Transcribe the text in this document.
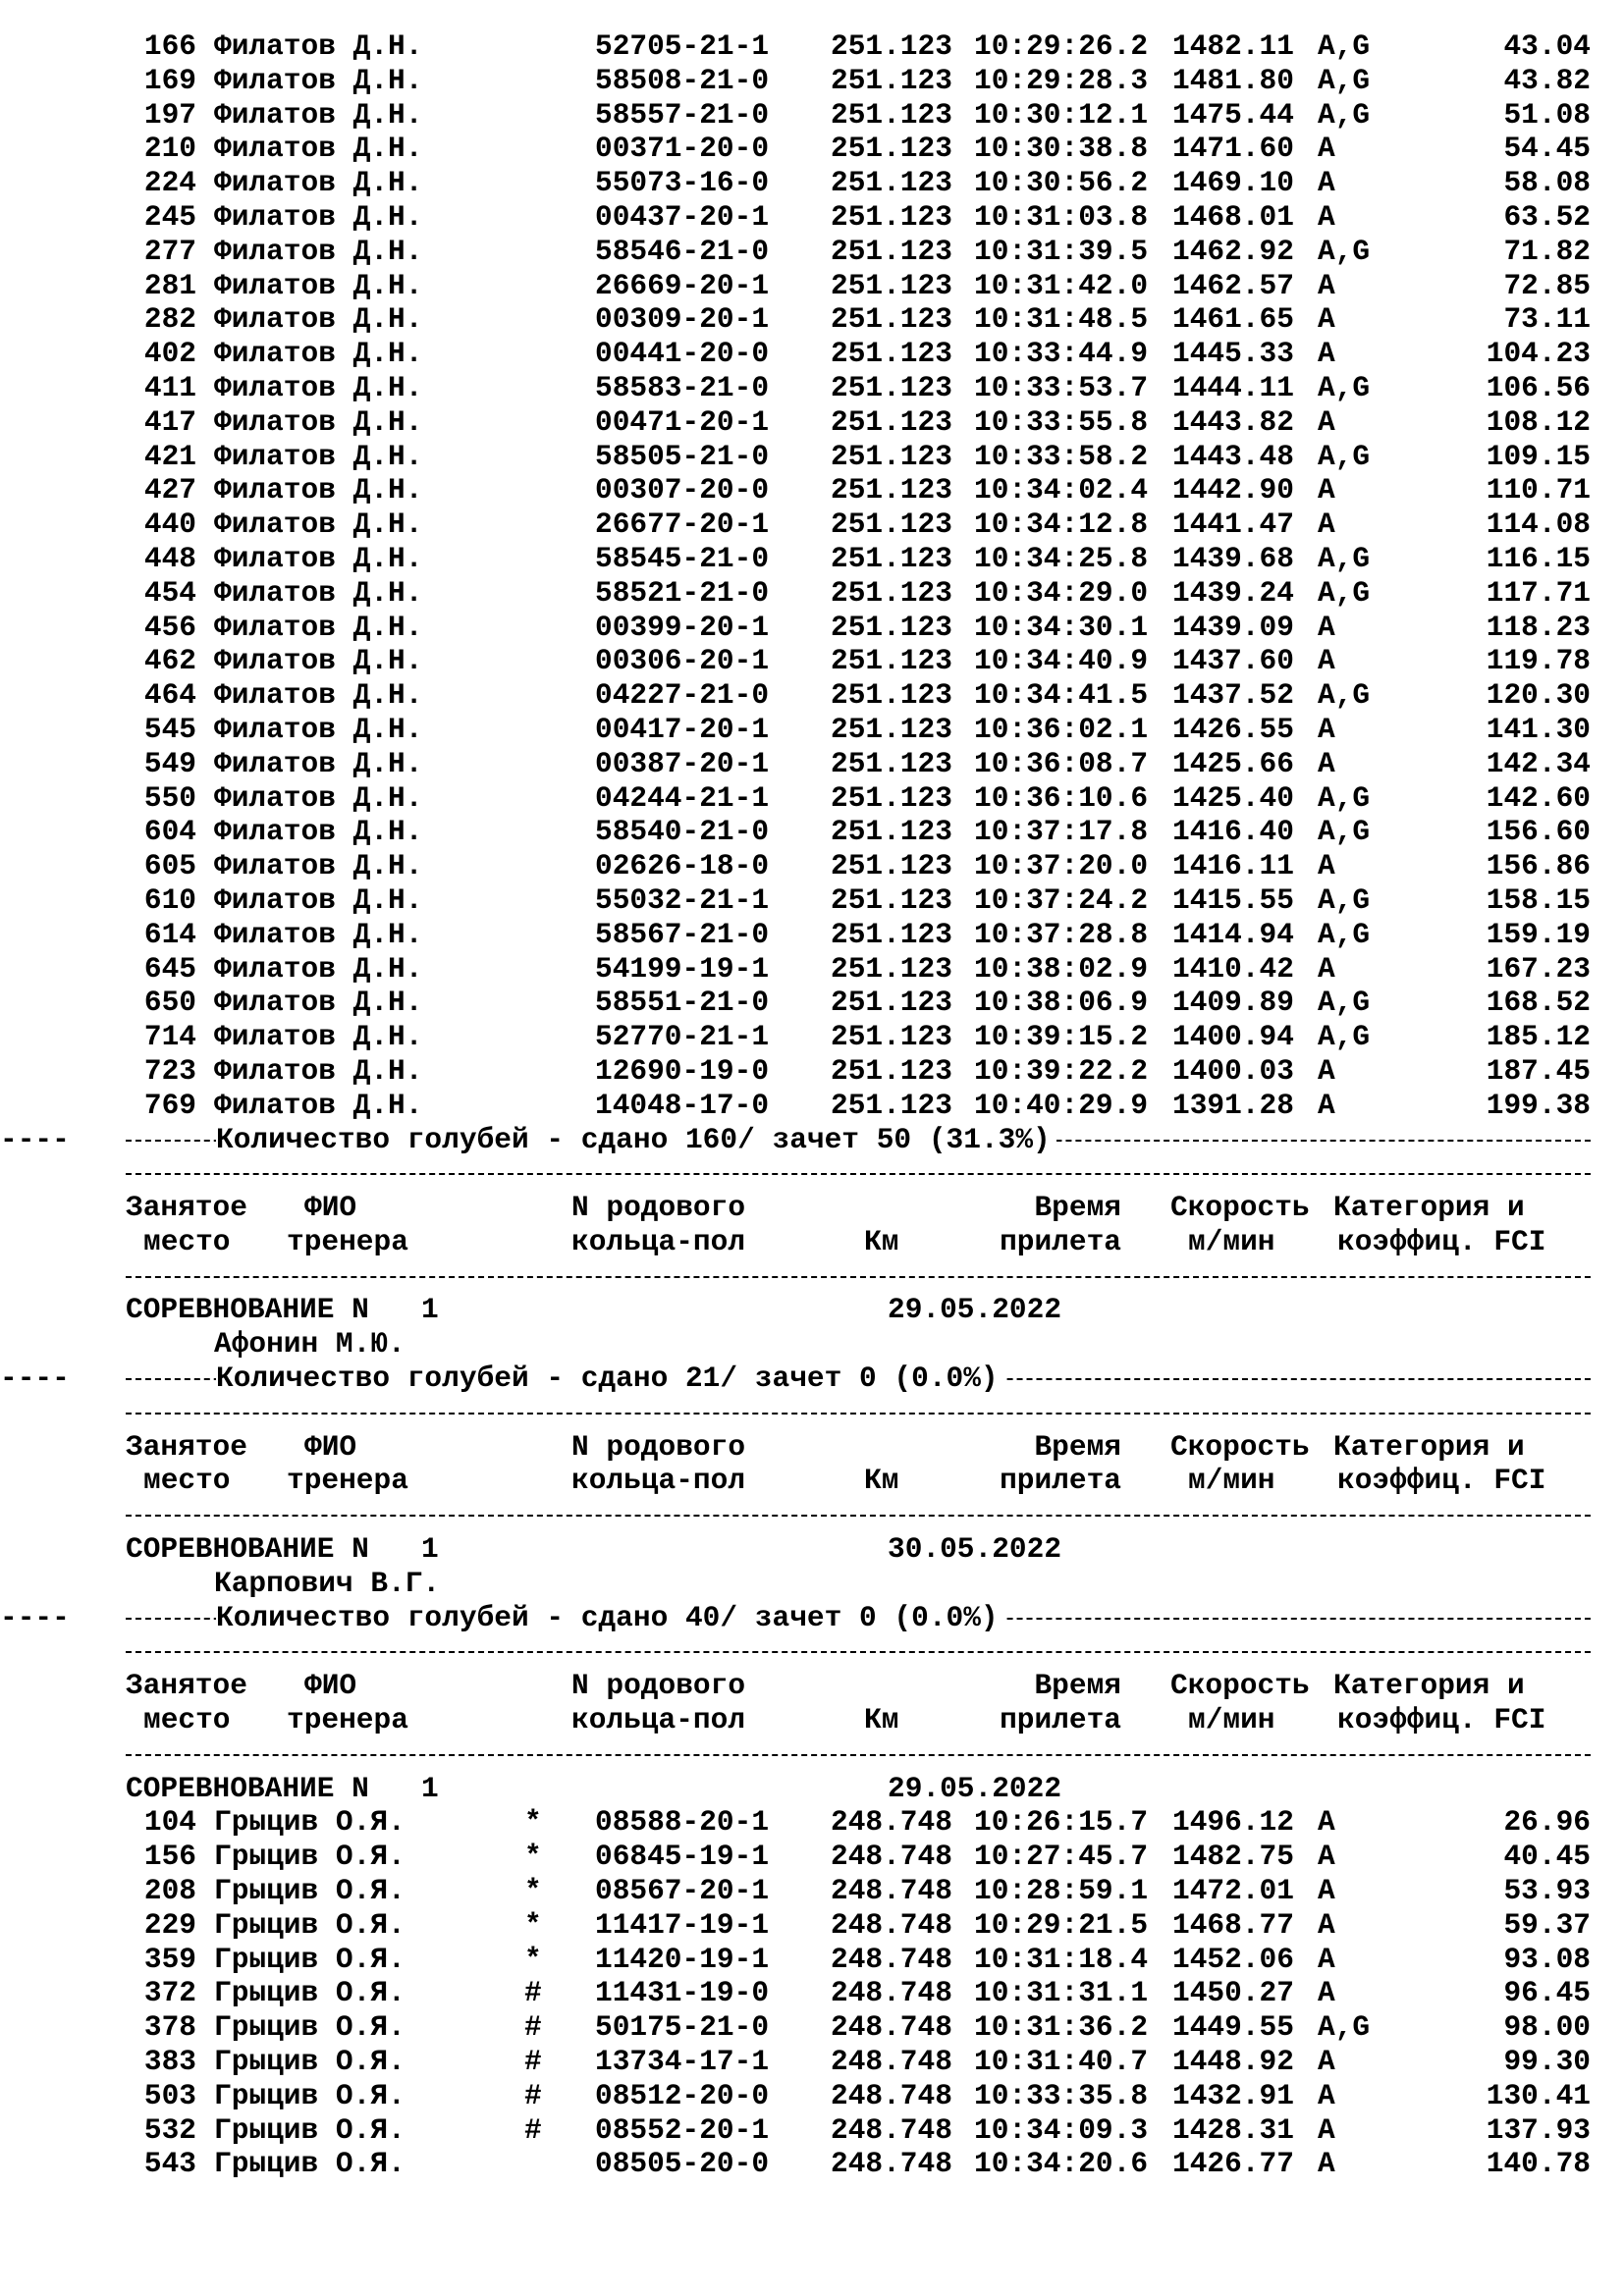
166 Филатов Д.Н.	52705-21-1 251.123 10:29:26.2 1482.11 A,G	43.04
169 Филатов Д.Н.	58508-21-0 251.123 10:29:28.3 1481.80 A,G	43.82
197 Филатов Д.Н.	58557-21-0 251.123 10:30:12.1 1475.44 A,G	51.08
210 Филатов Д.Н.	00371-20-0 251.123 10:30:38.8 1471.60 A	54.45
224 Филатов Д.Н.	55073-16-0 251.123 10:30:56.2 1469.10 A	58.08
245 Филатов Д.Н.	00437-20-1 251.123 10:31:03.8 1468.01 A	63.52
277 Филатов Д.Н.	58546-21-0 251.123 10:31:39.5 1462.92 A,G	71.82
281 Филатов Д.Н.	26669-20-1 251.123 10:31:42.0 1462.57 A	72.85
282 Филатов Д.Н.	00309-20-1 251.123 10:31:48.5 1461.65 A	73.11
402 Филатов Д.Н.	00441-20-0 251.123 10:33:44.9 1445.33 A	104.23
411 Филатов Д.Н.	58583-21-0 251.123 10:33:53.7 1444.11 A,G	106.56
417 Филатов Д.Н.	00471-20-1 251.123 10:33:55.8 1443.82 A	108.12
421 Филатов Д.Н.	58505-21-0 251.123 10:33:58.2 1443.48 A,G	109.15
427 Филатов Д.Н.	00307-20-0 251.123 10:34:02.4 1442.90 A	110.71
440 Филатов Д.Н.	26677-20-1 251.123 10:34:12.8 1441.47 A	114.08
448 Филатов Д.Н.	58545-21-0 251.123 10:34:25.8 1439.68 A,G	116.15
454 Филатов Д.Н.	58521-21-0 251.123 10:34:29.0 1439.24 A,G	117.71
456 Филатов Д.Н.	00399-20-1 251.123 10:34:30.1 1439.09 A	118.23
462 Филатов Д.Н.	00306-20-1 251.123 10:34:40.9 1437.60 A	119.78
464 Филатов Д.Н.	04227-21-0 251.123 10:34:41.5 1437.52 A,G	120.30
545 Филатов Д.Н.	00417-20-1 251.123 10:36:02.1 1426.55 A	141.30
549 Филатов Д.Н.	00387-20-1 251.123 10:36:08.7 1425.66 A	142.34
550 Филатов Д.Н.	04244-21-1 251.123 10:36:10.6 1425.40 A,G	142.60
604 Филатов Д.Н.	58540-21-0 251.123 10:37:17.8 1416.40 A,G	156.60
605 Филатов Д.Н.	02626-18-0 251.123 10:37:20.0 1416.11 A	156.86
610 Филатов Д.Н.	55032-21-1 251.123 10:37:24.2 1415.55 A,G	158.15
614 Филатов Д.Н.	58567-21-0 251.123 10:37:28.8 1414.94 A,G	159.19
645 Филатов Д.Н.	54199-19-1 251.123 10:38:02.9 1410.42 A	167.23
650 Филатов Д.Н.	58551-21-0 251.123 10:38:06.9 1409.89 A,G	168.52
714 Филатов Д.Н.	52770-21-1 251.123 10:39:15.2 1400.94 A,G	185.12
723 Филатов Д.Н.	12690-19-0 251.123 10:39:22.2 1400.03 A	187.45
769 Филатов Д.Н.	14048-17-0 251.123 10:40:29.9 1391.28 A	199.38
----	Количество голубей - сдано 160/ зачет 50 (31.3%)
Занятое ФИО	N родового	Время Скорость Категория и
место тренера	кольца-пол	Км	прилета м/мин коэффиц. FCI
СОРЕВНОВАНИЕ N   1	29.05.2022
Афонин М.Ю.
----	Количество голубей - сдано 21/ зачет 0 (0.0%)
Занятое ФИО	N родового	Время Скорость Категория и
место тренера	кольца-пол	Км	прилета м/мин коэффиц. FCI
СОРЕВНОВАНИЕ N   1	30.05.2022
Карпович В.Г.
----	Количество голубей - сдано 40/ зачет 0 (0.0%)
Занятое ФИО	N родового	Время Скорость Категория и
место тренера	кольца-пол	Км	прилета м/мин коэффиц. FCI
СОРЕВНОВАНИЕ N   1	29.05.2022
104 Грыцив О.Я.	* 08588-20-1 248.748 10:26:15.7 1496.12 A	26.96
156 Грыцив О.Я.	* 06845-19-1 248.748 10:27:45.7 1482.75 A	40.45
208 Грыцив О.Я.	* 08567-20-1 248.748 10:28:59.1 1472.01 A	53.93
229 Грыцив О.Я.	* 11417-19-1 248.748 10:29:21.5 1468.77 A	59.37
359 Грыцив О.Я.	* 11420-19-1 248.748 10:31:18.4 1452.06 A	93.08
372 Грыцив О.Я.	# 11431-19-0 248.748 10:31:31.1 1450.27 A	96.45
378 Грыцив О.Я.	# 50175-21-0 248.748 10:31:36.2 1449.55 A,G	98.00
383 Грыцив О.Я.	# 13734-17-1 248.748 10:31:40.7 1448.92 A	99.30
503 Грыцив О.Я.	# 08512-20-0 248.748 10:33:35.8 1432.91 A	130.41
532 Грыцив О.Я.	# 08552-20-1 248.748 10:34:09.3 1428.31 A	137.93
543 Грыцив О.Я.	08505-20-0 248.748 10:34:20.6 1426.77 A	140.78
